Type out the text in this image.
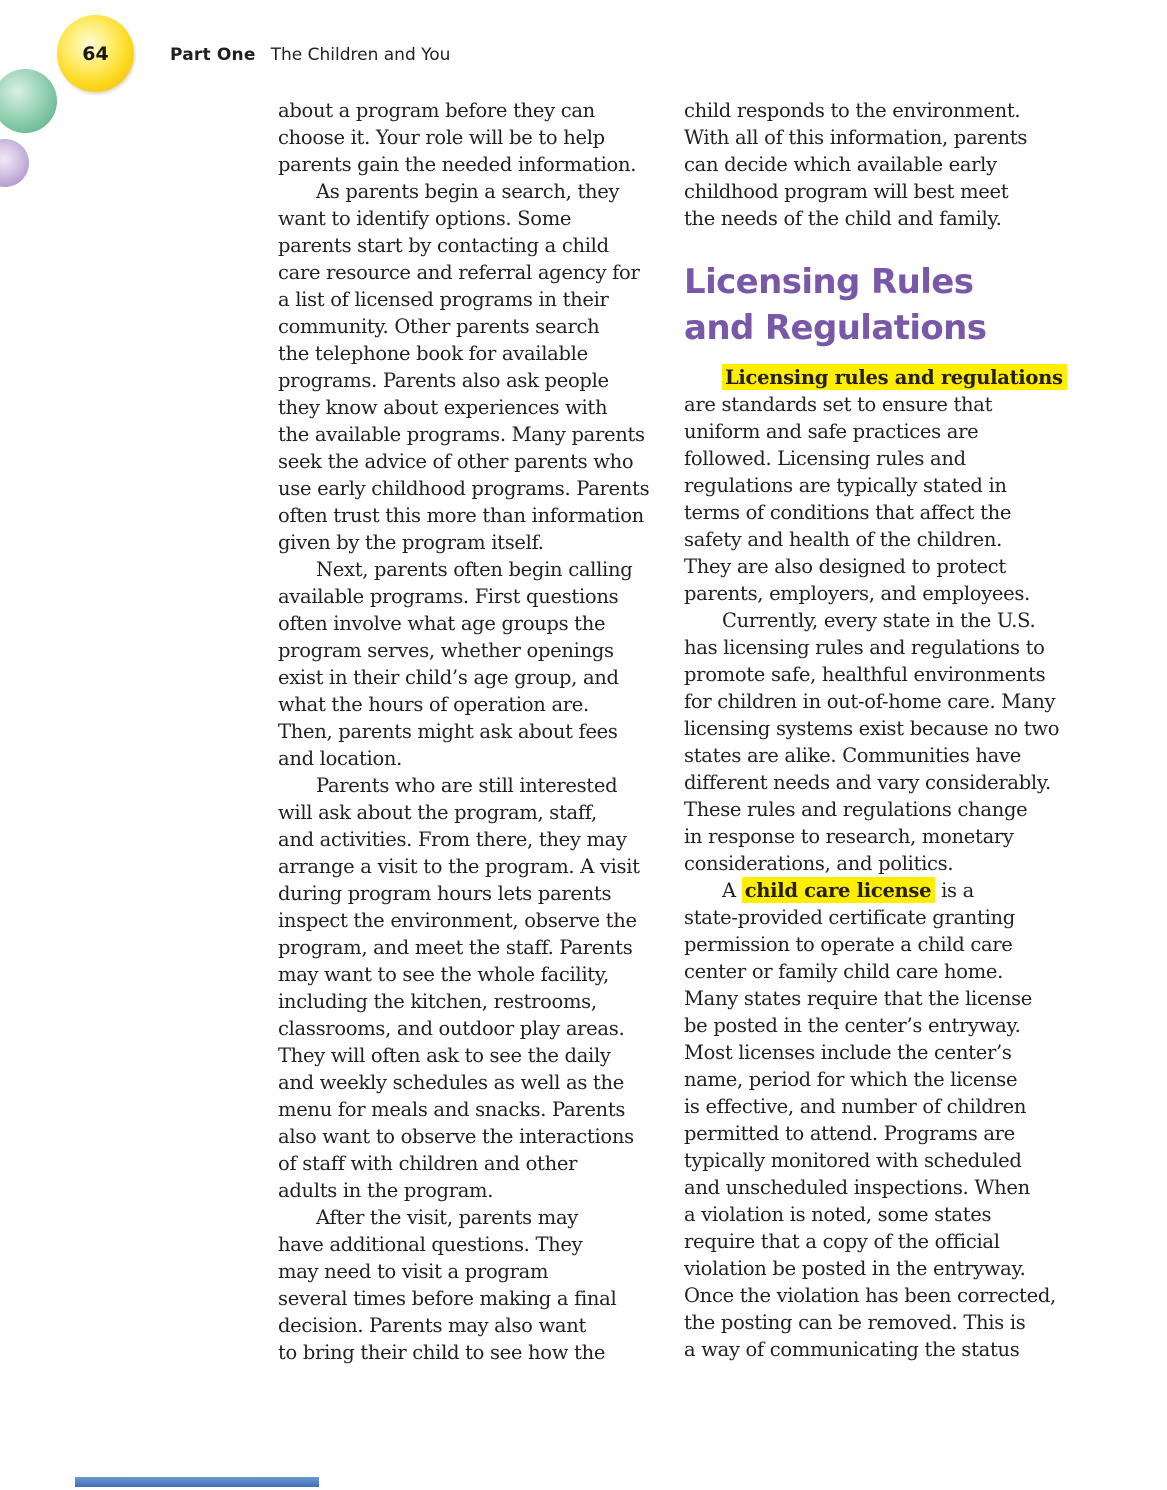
64	Part One The Children and You
about a program before they can
choose it. Your role will be to help
parents gain the needed information.
As parents begin a search, they
want to identify options. Some
parents start by contacting a child
care resource and referral agency for
a list of licensed programs in their
community. Other parents search
the telephone book for available
programs. Parents also ask people
they know about experiences with
the available programs. Many parents
seek the advice of other parents who
use early childhood programs. Parents
often trust this more than information
given by the program itself.
Next, parents often begin calling
available programs. First questions
often involve what age groups the
program serves, whether openings
exist in their child’s age group, and
what the hours of operation are.
Then, parents might ask about fees
and location.
Parents who are still interested
will ask about the program, staff,
and activities. From there, they may
arrange a visit to the program. A visit
during program hours lets parents
inspect the environment, observe the
program, and meet the staff. Parents
may want to see the whole facility,
including the kitchen, restrooms,
classrooms, and outdoor play areas.
They will often ask to see the daily
and weekly schedules as well as the
menu for meals and snacks. Parents
also want to observe the interactions
of staff with children and other
adults in the program.
After the visit, parents may
have additional questions. They
may need to visit a program
several times before making a final
decision. Parents may also want
to bring their child to see how the
child responds to the environment.
With all of this information, parents
can decide which available early
childhood program will best meet
the needs of the child and family.
Licensing Rules
and Regulations
Licensing rules and regulations
are standards set to ensure that
uniform and safe practices are
followed. Licensing rules and
regulations are typically stated in
terms of conditions that affect the
safety and health of the children.
They are also designed to protect
parents, employers, and employees.
Currently, every state in the U.S.
has licensing rules and regulations to
promote safe, healthful environments
for children in out-of-home care. Many
licensing systems exist because no two
states are alike. Communities have
different needs and vary considerably.
These rules and regulations change
in response to research, monetary
considerations, and politics.
A child care license is a
state-provided certificate granting
permission to operate a child care
center or family child care home.
Many states require that the license
be posted in the center’s entryway.
Most licenses include the center’s
name, period for which the license
is effective, and number of children
permitted to attend. Programs are
typically monitored with scheduled
and unscheduled inspections. When
a violation is noted, some states
require that a copy of the official
violation be posted in the entryway.
Once the violation has been corrected,
the posting can be removed. This is
a way of communicating the status
